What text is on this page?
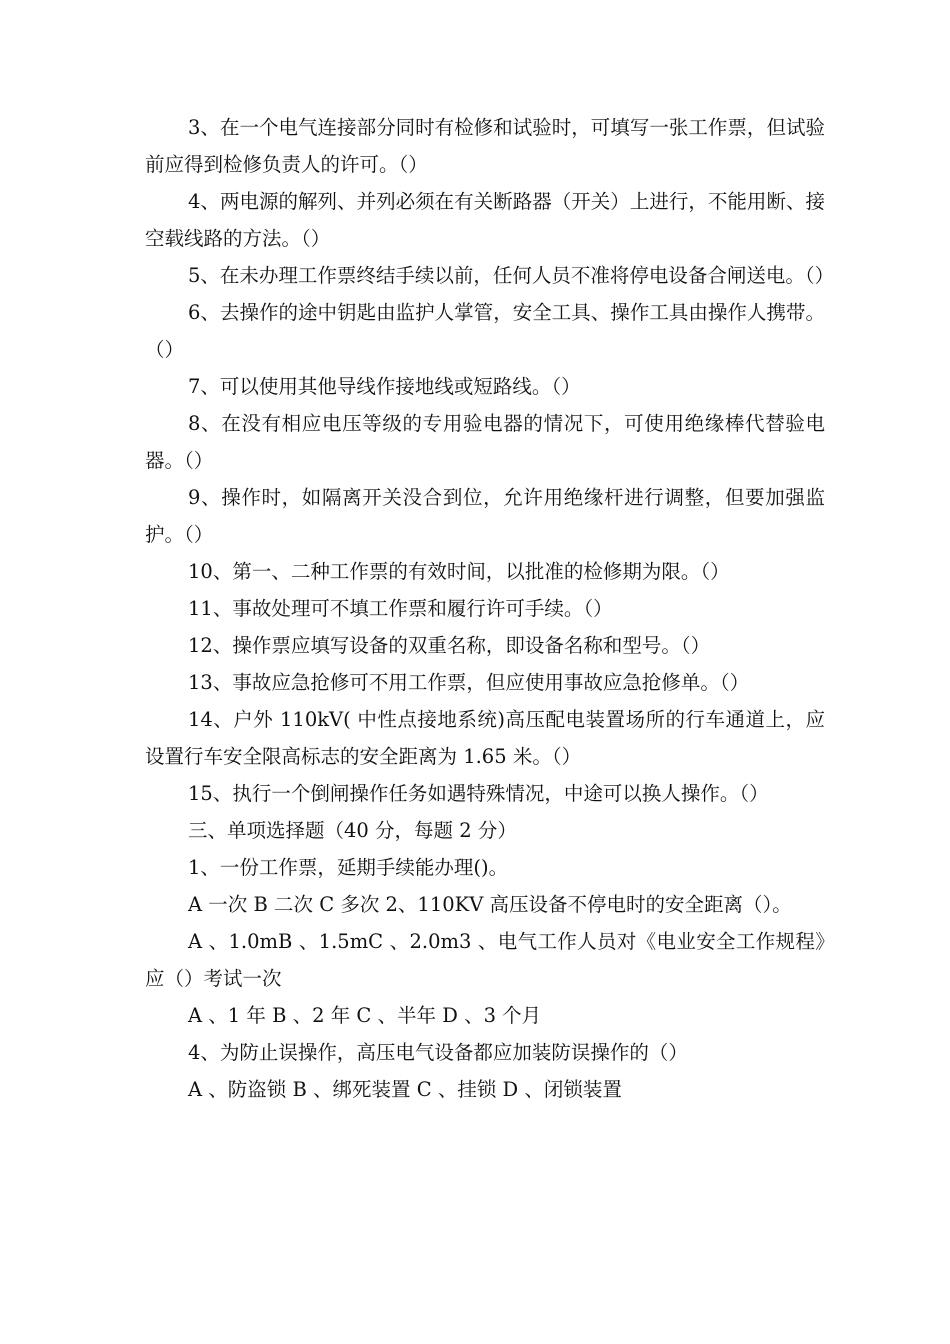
3、在一个电气连接部分同时有检修和试验时，可填写一张工作票，但试验前应得到检修负责人的许可。（）

4、两电源的解列、并列必须在有关断路器（开关）上进行，不能用断、接空载线路的方法。（）

5、在未办理工作票终结手续以前，任何人员不准将停电设备合闸送电。（）

6、去操作的途中钥匙由监护人掌管，安全工具、操作工具由操作人携带。（）

7、可以使用其他导线作接地线或短路线。（）

8、在没有相应电压等级的专用验电器的情况下，可使用绝缘棒代替验电器。（）

9、操作时，如隔离开关没合到位，允许用绝缘杆进行调整，但要加强监护。（）

10、第一、二种工作票的有效时间，以批准的检修期为限。（）

11、事故处理可不填工作票和履行许可手续。（）

12、操作票应填写设备的双重名称，即设备名称和型号。（）

13、事故应急抢修可不用工作票，但应使用事故应急抢修单。（）

14、户外 110kV( 中性点接地系统)高压配电装置场所的行车通道上，应设置行车安全限高标志的安全距离为 1.65 米。（）

15、执行一个倒闸操作任务如遇特殊情况，中途可以换人操作。（）

三、单项选择题（40 分，每题 2 分）

1、一份工作票，延期手续能办理()。

A 一次 B 二次 C 多次 2、110KV 高压设备不停电时的安全距离（）。

A 、1.0mB 、1.5mC 、2.0m3 、电气工作人员对《电业安全工作规程》应（）考试一次

A 、1 年 B 、2 年 C 、半年 D 、3 个月

4、为防止误操作，高压电气设备都应加装防误操作的（）

A 、防盗锁 B 、绑死装置 C 、挂锁 D 、闭锁装置
